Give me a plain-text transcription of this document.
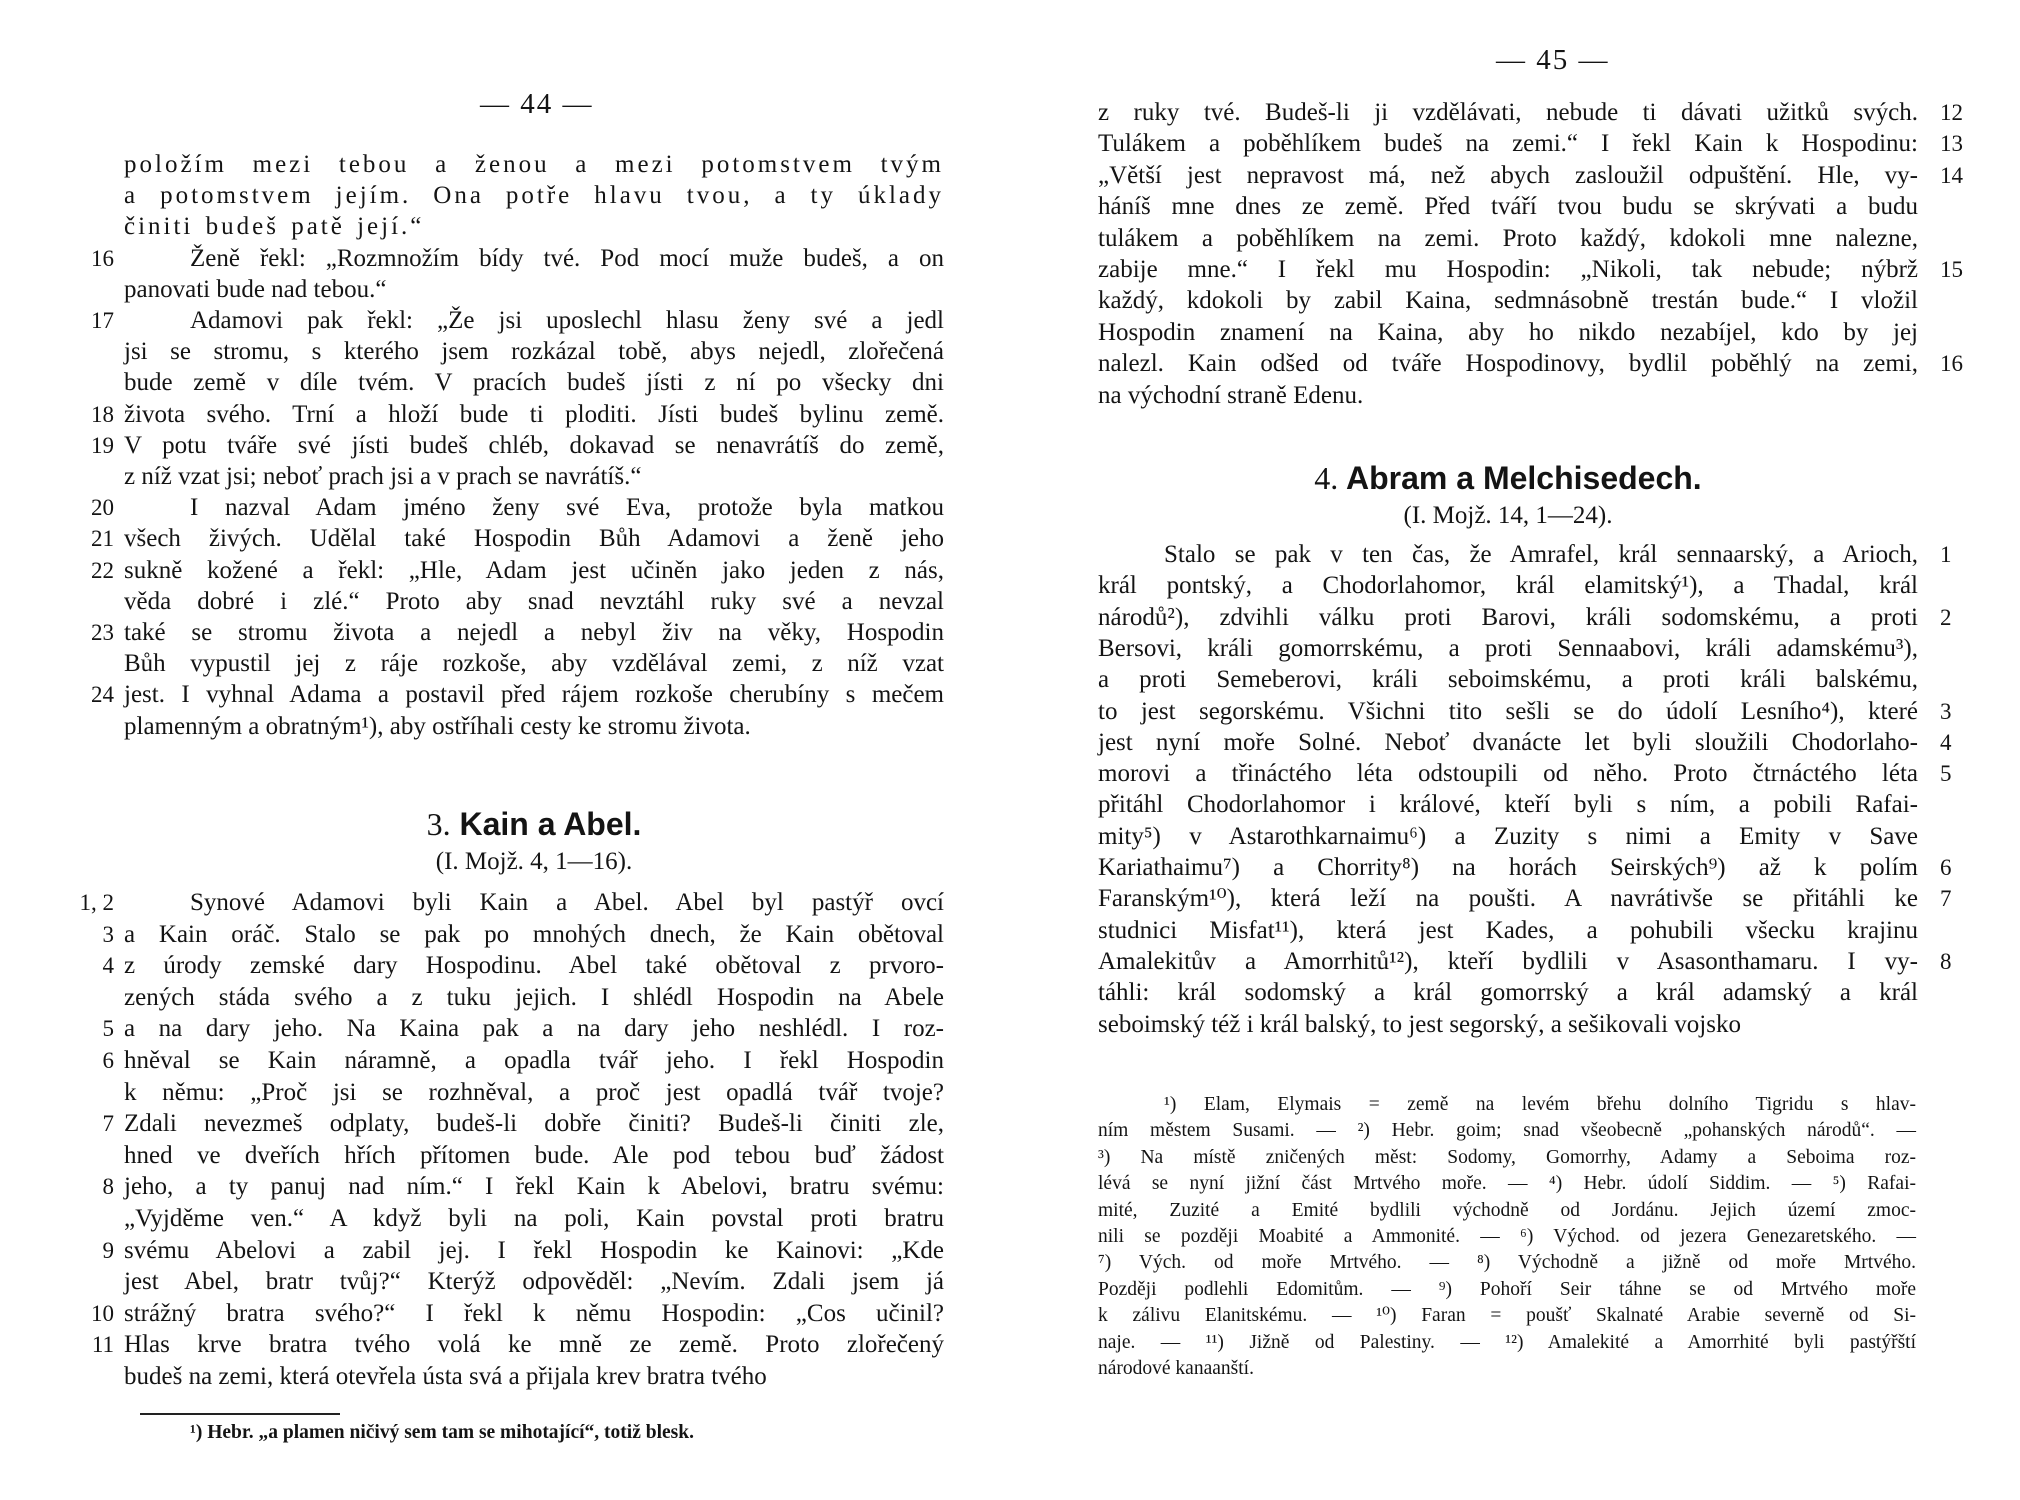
— 44 —
položím mezi tebou a ženou a mezi potomstvem tvým
a potomstvem jejím. Ona potře hlavu tvou, a ty úklady
činiti budeš patě její.“
Ženě řekl: „Rozmnožím bídy tvé. Pod mocí muže budeš, a on
16
panovati bude nad tebou.“
Adamovi pak řekl: „Že jsi uposlechl hlasu ženy své a jedl
17
jsi se stromu, s kterého jsem rozkázal tobě, abys nejedl, zlořečená
bude země v díle tvém. V pracích budeš jísti z ní po všecky dni
života svého. Trní a hloží bude ti ploditi. Jísti budeš bylinu země.
18
V potu tváře své jísti budeš chléb, dokavad se nenavrátíš do země,
19
z níž vzat jsi; neboť prach jsi a v prach se navrátíš.“
I nazval Adam jméno ženy své Eva, protože byla matkou
20
všech živých. Udělal také Hospodin Bůh Adamovi a ženě jeho
21
sukně kožené a řekl: „Hle, Adam jest učiněn jako jeden z nás,
22
věda dobré i zlé.“ Proto aby snad nevztáhl ruky své a nevzal
také se stromu života a nejedl a nebyl živ na věky, Hospodin
23
Bůh vypustil jej z ráje rozkoše, aby vzdělával zemi, z níž vzat
jest. I vyhnal Adama a postavil před rájem rozkoše cherubíny s mečem
24
plamenným a obratným¹), aby ostříhali cesty ke stromu života.
3. Kain a Abel.
(I. Mojž. 4, 1—16).
Synové Adamovi byli Kain a Abel. Abel byl pastýř ovcí
1, 2
a Kain oráč. Stalo se pak po mnohých dnech, že Kain obětoval
3
z úrody zemské dary Hospodinu. Abel také obětoval z prvoro-
4
zených stáda svého a z tuku jejich. I shlédl Hospodin na Abele
a na dary jeho. Na Kaina pak a na dary jeho neshlédl. I roz-
5
hněval se Kain náramně, a opadla tvář jeho. I řekl Hospodin
6
k němu: „Proč jsi se rozhněval, a proč jest opadlá tvář tvoje?
Zdali nevezmeš odplaty, budeš-li dobře činiti? Budeš-li činiti zle,
7
hned ve dveřích hřích přítomen bude. Ale pod tebou buď žádost
jeho, a ty panuj nad ním.“ I řekl Kain k Abelovi, bratru svému:
8
„Vyjděme ven.“ A když byli na poli, Kain povstal proti bratru
svému Abelovi a zabil jej. I řekl Hospodin ke Kainovi: „Kde
9
jest Abel, bratr tvůj?“ Kterýž odpověděl: „Nevím. Zdali jsem já
strážný bratra svého?“ I řekl k němu Hospodin: „Cos učinil?
10
Hlas krve bratra tvého volá ke mně ze země. Proto zlořečený
11
budeš na zemi, která otevřela ústa svá a přijala krev bratra tvého
¹) Hebr. „a plamen ničivý sem tam se mihotající“, totiž blesk.
— 45 —
z ruky tvé. Budeš-li ji vzdělávati, nebude ti dávati užitků svých. 12
Tulákem a poběhlíkem budeš na zemi.“ I řekl Kain k Hospodinu: 13
„Větší jest nepravost má, než abych zasloužil odpuštění. Hle, vy- 14
háníš mne dnes ze země. Před tváří tvou budu se skrývati a budu
tulákem a poběhlíkem na zemi. Proto každý, kdokoli mne nalezne,
zabije mne.“ I řekl mu Hospodin: „Nikoli, tak nebude; nýbrž 15
každý, kdokoli by zabil Kaina, sedmnásobně trestán bude.“ I vložil
Hospodin znamení na Kaina, aby ho nikdo nezabíjel, kdo by jej
nalezl. Kain odšed od tváře Hospodinovy, bydlil poběhlý na zemi, 16
na východní straně Edenu.
4. Abram a Melchisedech.
(I. Mojž. 14, 1—24).
Stalo se pak v ten čas, že Amrafel, král sennaarský, a Arioch, 1
král pontský, a Chodorlahomor, král elamitský¹), a Thadal, král
národů²), zdvihli válku proti Barovi, králi sodomskému, a proti 2
Bersovi, králi gomorrskému, a proti Sennaabovi, králi adamskému³),
a proti Semeberovi, králi seboimskému, a proti králi balskému,
to jest segorskému. Všichni tito sešli se do údolí Lesního⁴), které 3
jest nyní moře Solné. Neboť dvanácte let byli sloužili Chodorlaho- 4
morovi a třináctého léta odstoupili od něho. Proto čtrnáctého léta 5
přitáhl Chodorlahomor i králové, kteří byli s ním, a pobili Rafai-
mity⁵) v Astarothkarnaimu⁶) a Zuzity s nimi a Emity v Save
Kariathaimu⁷) a Chorrity⁸) na horách Seirských⁹) až k polím 6
Faranským¹⁰), která leží na poušti. A navrátivše se přitáhli ke 7
studnici Misfat¹¹), která jest Kades, a pohubili všecku krajinu
Amalekitův a Amorrhitů¹²), kteří bydlili v Asasonthamaru. I vy- 8
táhli: král sodomský a král gomorrský a král adamský a král
seboimský též i král balský, to jest segorský, a sešikovali vojsko
¹) Elam, Elymais = země na levém břehu dolního Tigridu s hlav-
ním městem Susami. — ²) Hebr. goim; snad všeobecně „pohanských národů“. —
³) Na místě zničených měst: Sodomy, Gomorrhy, Adamy a Seboima roz-
lévá se nyní jižní část Mrtvého moře. — ⁴) Hebr. údolí Siddim. — ⁵) Rafai-
mité, Zuzité a Emité bydlili východně od Jordánu. Jejich území zmoc-
nili se později Moabité a Ammonité. — ⁶) Východ. od jezera Genezaretského. —
⁷) Vých. od moře Mrtvého. — ⁸) Východně a jižně od moře Mrtvého.
Později podlehli Edomitům. — ⁹) Pohoří Seir táhne se od Mrtvého moře
k zálivu Elanitskému. — ¹⁰) Faran = poušť Skalnaté Arabie severně od Si-
naje. — ¹¹) Jižně od Palestiny. — ¹²) Amalekité a Amorrhité byli pastýřští
národové kanaanští.
